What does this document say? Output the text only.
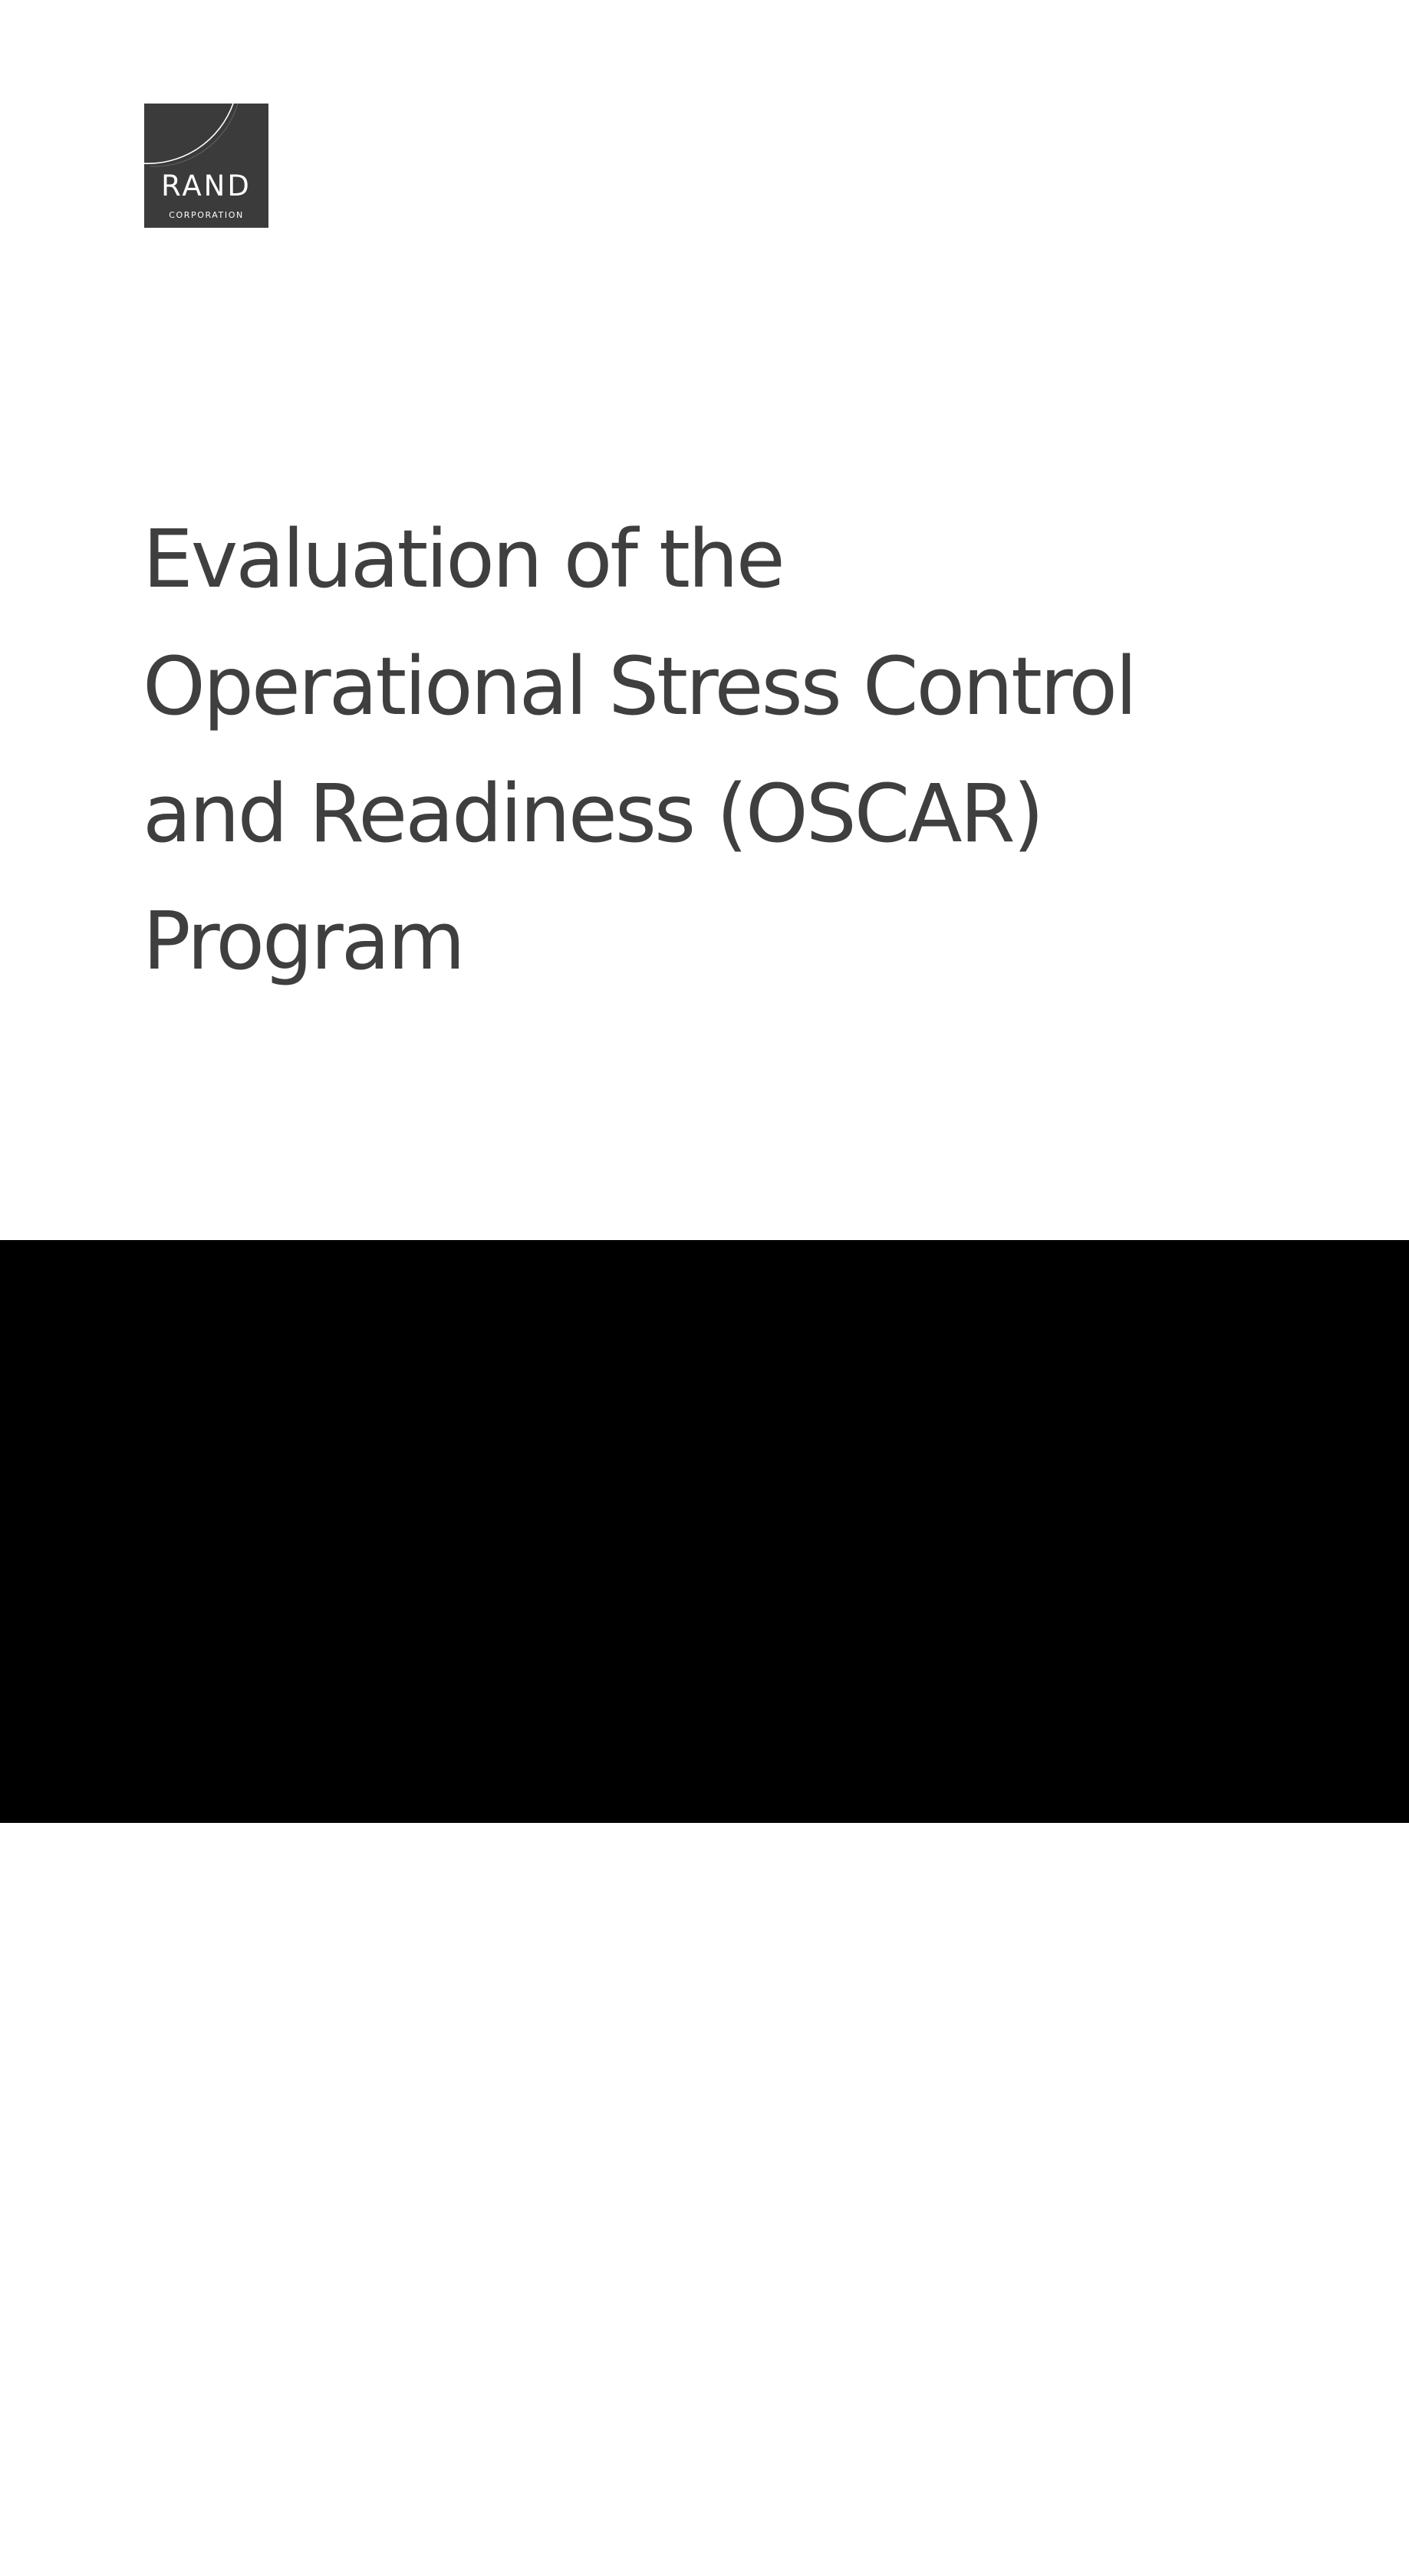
RAND
CORPORATION
Evaluation of the
Operational Stress Control
and Readiness (OSCAR)
Program
Christine Anne Vaughan, Carrie M. Farmer, Joshua Breslau, Crystal Burnette
